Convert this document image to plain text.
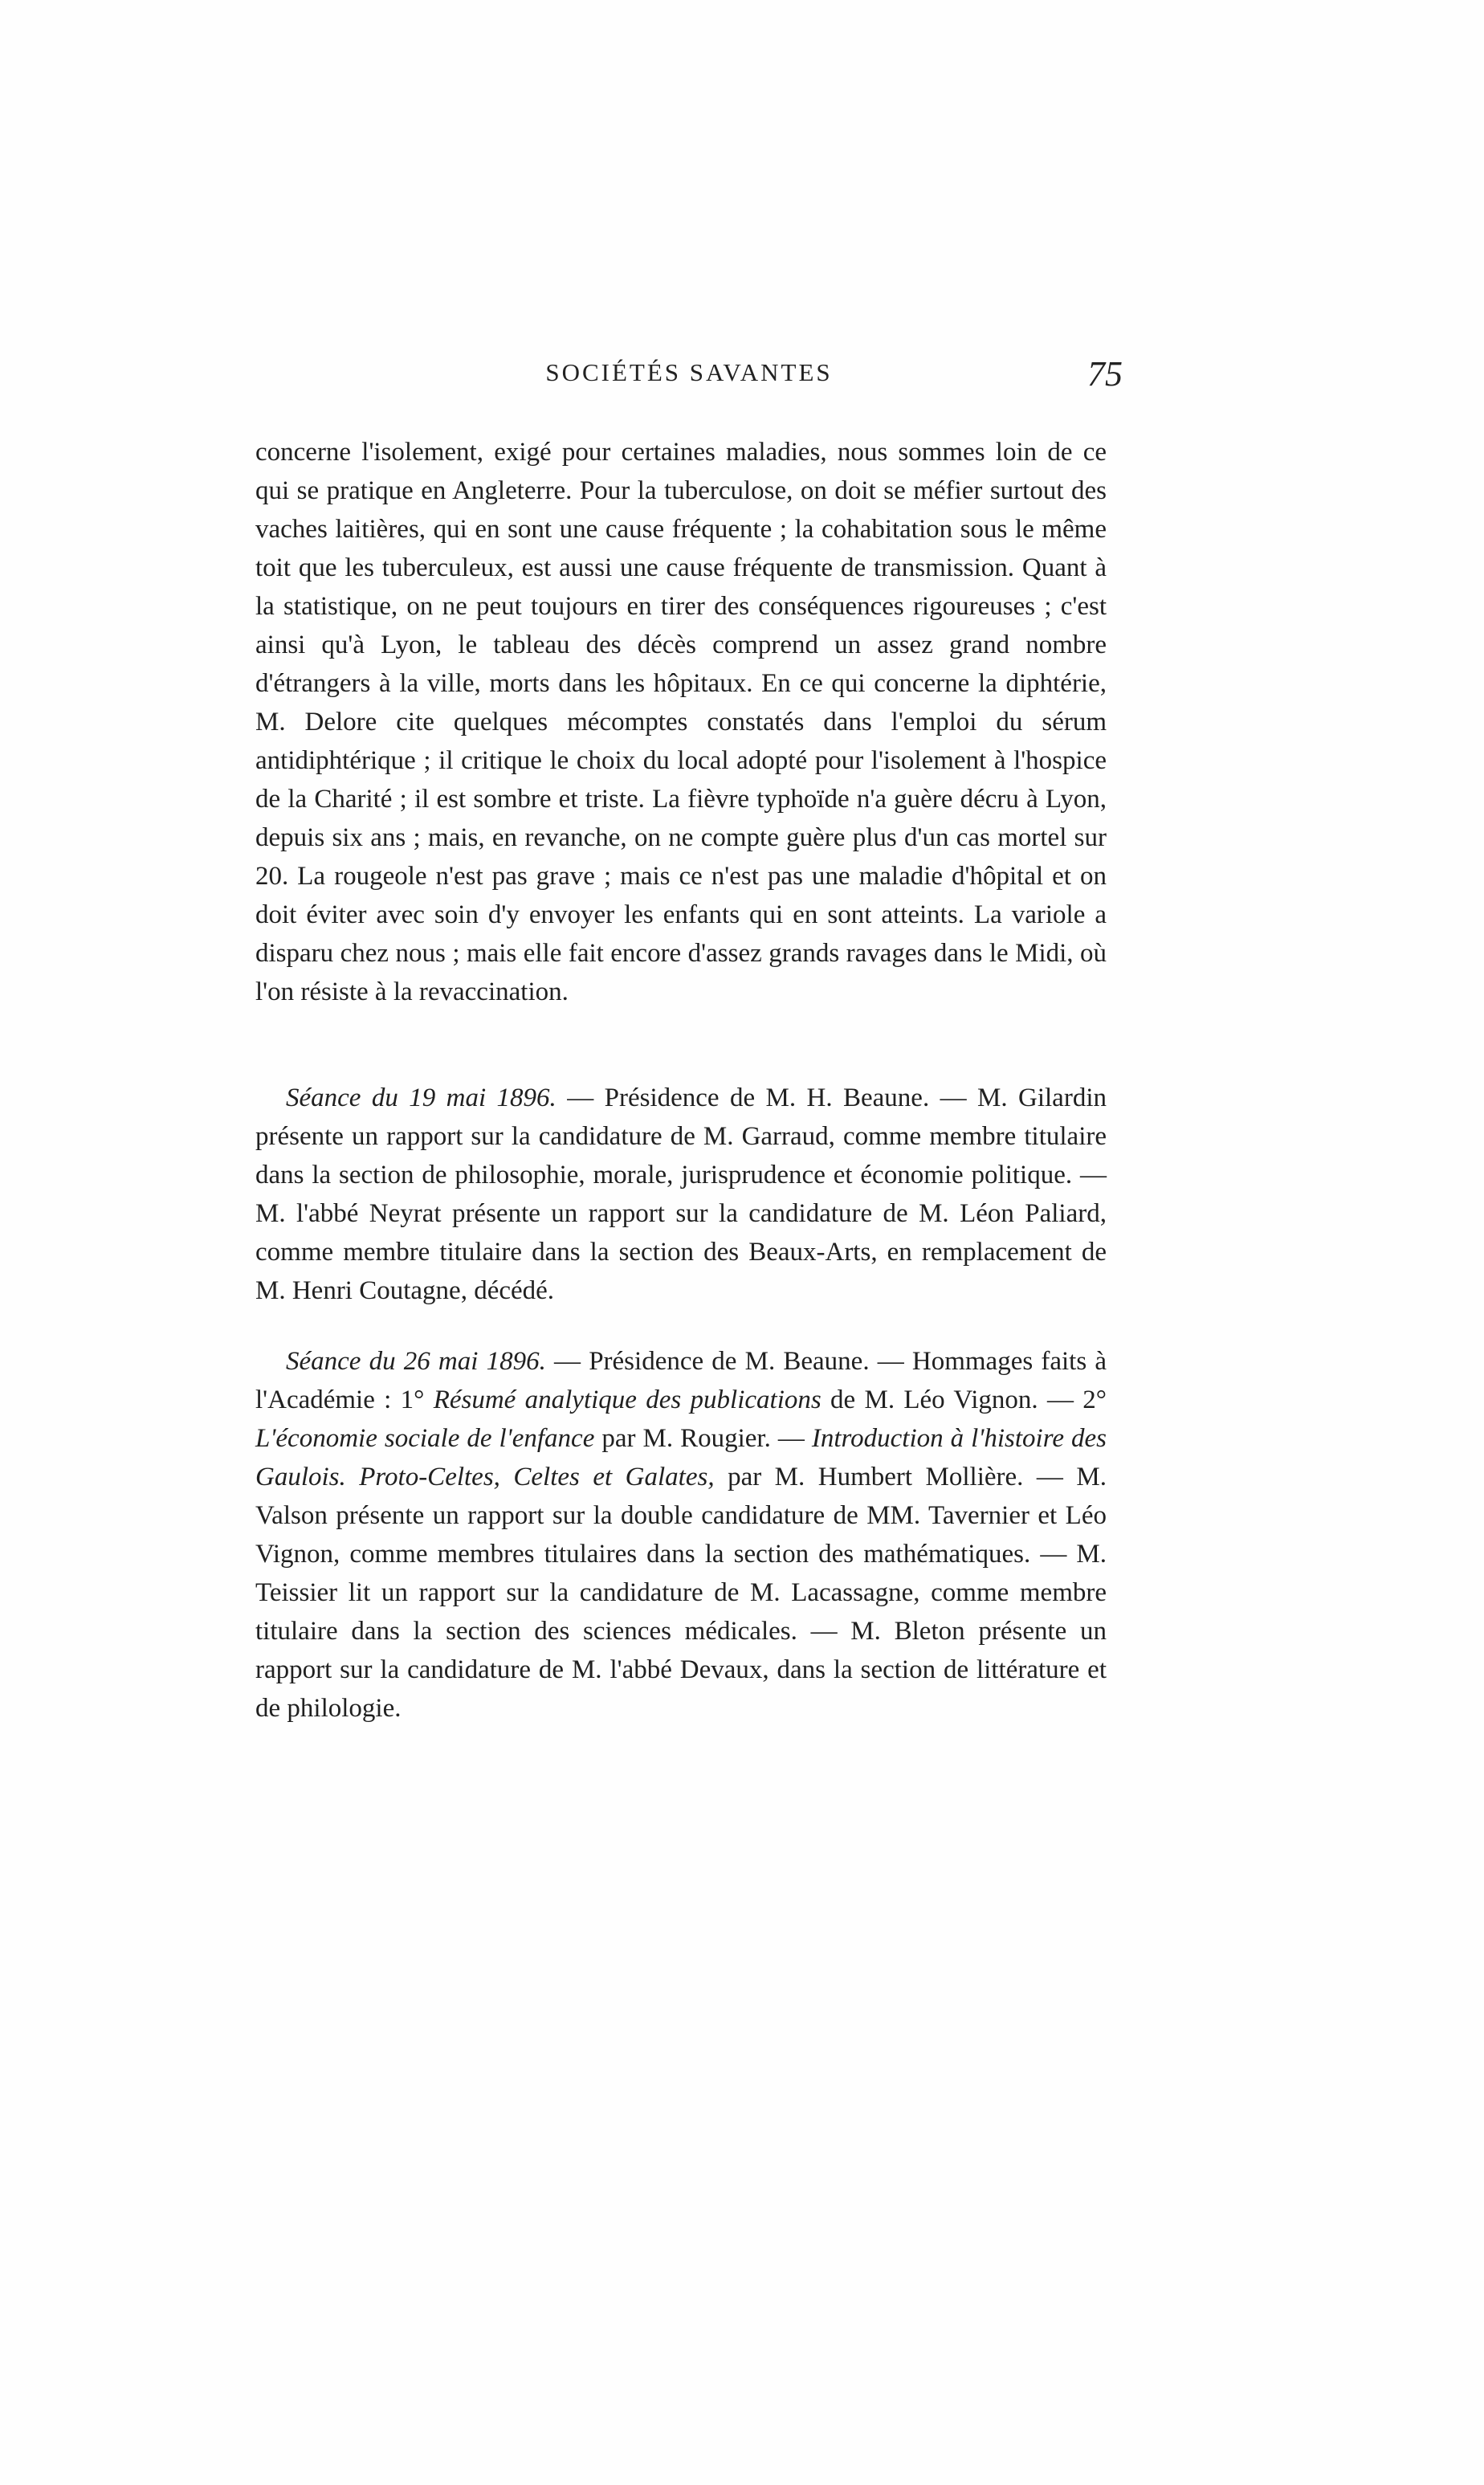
SOCIÉTÉS SAVANTES	75

concerne l'isolement, exigé pour certaines maladies, nous sommes loin de ce qui se pratique en Angleterre. Pour la tuberculose, on doit se méfier surtout des vaches laitières, qui en sont une cause fréquente ; la cohabitation sous le même toit que les tuberculeux, est aussi une cause fréquente de transmission. Quant à la statistique, on ne peut toujours en tirer des conséquences rigoureuses ; c'est ainsi qu'à Lyon, le tableau des décès comprend un assez grand nombre d'étrangers à la ville, morts dans les hôpitaux. En ce qui concerne la diphtérie, M. Delore cite quelques mécomptes constatés dans l'emploi du sérum antidiphtérique ; il critique le choix du local adopté pour l'isolement à l'hospice de la Charité ; il est sombre et triste. La fièvre typhoïde n'a guère décru à Lyon, depuis six ans ; mais, en revanche, on ne compte guère plus d'un cas mortel sur 20. La rougeole n'est pas grave ; mais ce n'est pas une maladie d'hôpital et on doit éviter avec soin d'y envoyer les enfants qui en sont atteints. La variole a disparu chez nous ; mais elle fait encore d'assez grands ravages dans le Midi, où l'on résiste à la revaccination.

Séance du 19 mai 1896. — Présidence de M. H. Beaune. — M. Gilardin présente un rapport sur la candidature de M. Garraud, comme membre titulaire dans la section de philosophie, morale, jurisprudence et économie politique. — M. l'abbé Neyrat présente un rapport sur la candidature de M. Léon Paliard, comme membre titulaire dans la section des Beaux-Arts, en remplacement de M. Henri Coutagne, décédé.

Séance du 26 mai 1896. — Présidence de M. Beaune. — Hommages faits à l'Académie : 1° Résumé analytique des publications de M. Léo Vignon. — 2° L'économie sociale de l'enfance par M. Rougier. — Introduction à l'histoire des Gaulois. Proto-Celtes, Celtes et Galates, par M. Humbert Mollière. — M. Valson présente un rapport sur la double candidature de MM. Tavernier et Léo Vignon, comme membres titulaires dans la section des mathématiques. — M. Teissier lit un rapport sur la candidature de M. Lacassagne, comme membre titulaire dans la section des sciences médicales. — M. Bleton présente un rapport sur la candidature de M. l'abbé Devaux, dans la section de littérature et de philologie.
